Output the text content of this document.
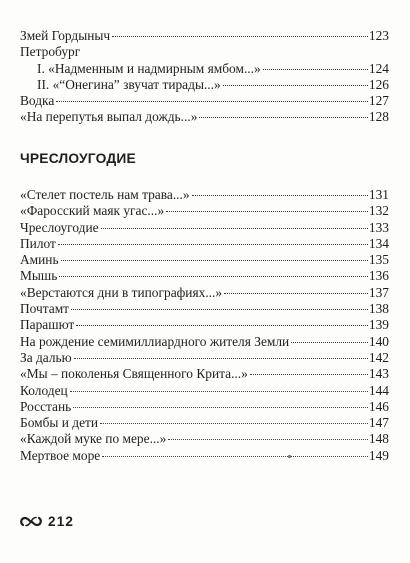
Змей Гордыныч	123
Петробург
I. «Надменным и надмирным ямбом...»	124
II. «“Онегина” звучат тирады...»	126
Водка	127
«На перепутья выпал дождь...»	128
ЧРЕСЛОУГОДИЕ
«Стелет постель нам трава...»	131
«Фаросский маяк угас...»	132
Чреслоугодие	133
Пилот	134
Аминь	135
Мышь	136
«Верстаются дни в типографиях...»	137
Почтамт	138
Парашют	139
На рождение семимиллиардного жителя Земли	140
За далью	142
«Мы – поколенья Священного Крита...»	143
Колодец	144
Росстань	146
Бомбы и дети	147
«Каждой муке по мере...»	148
Мертвое море	149
212
